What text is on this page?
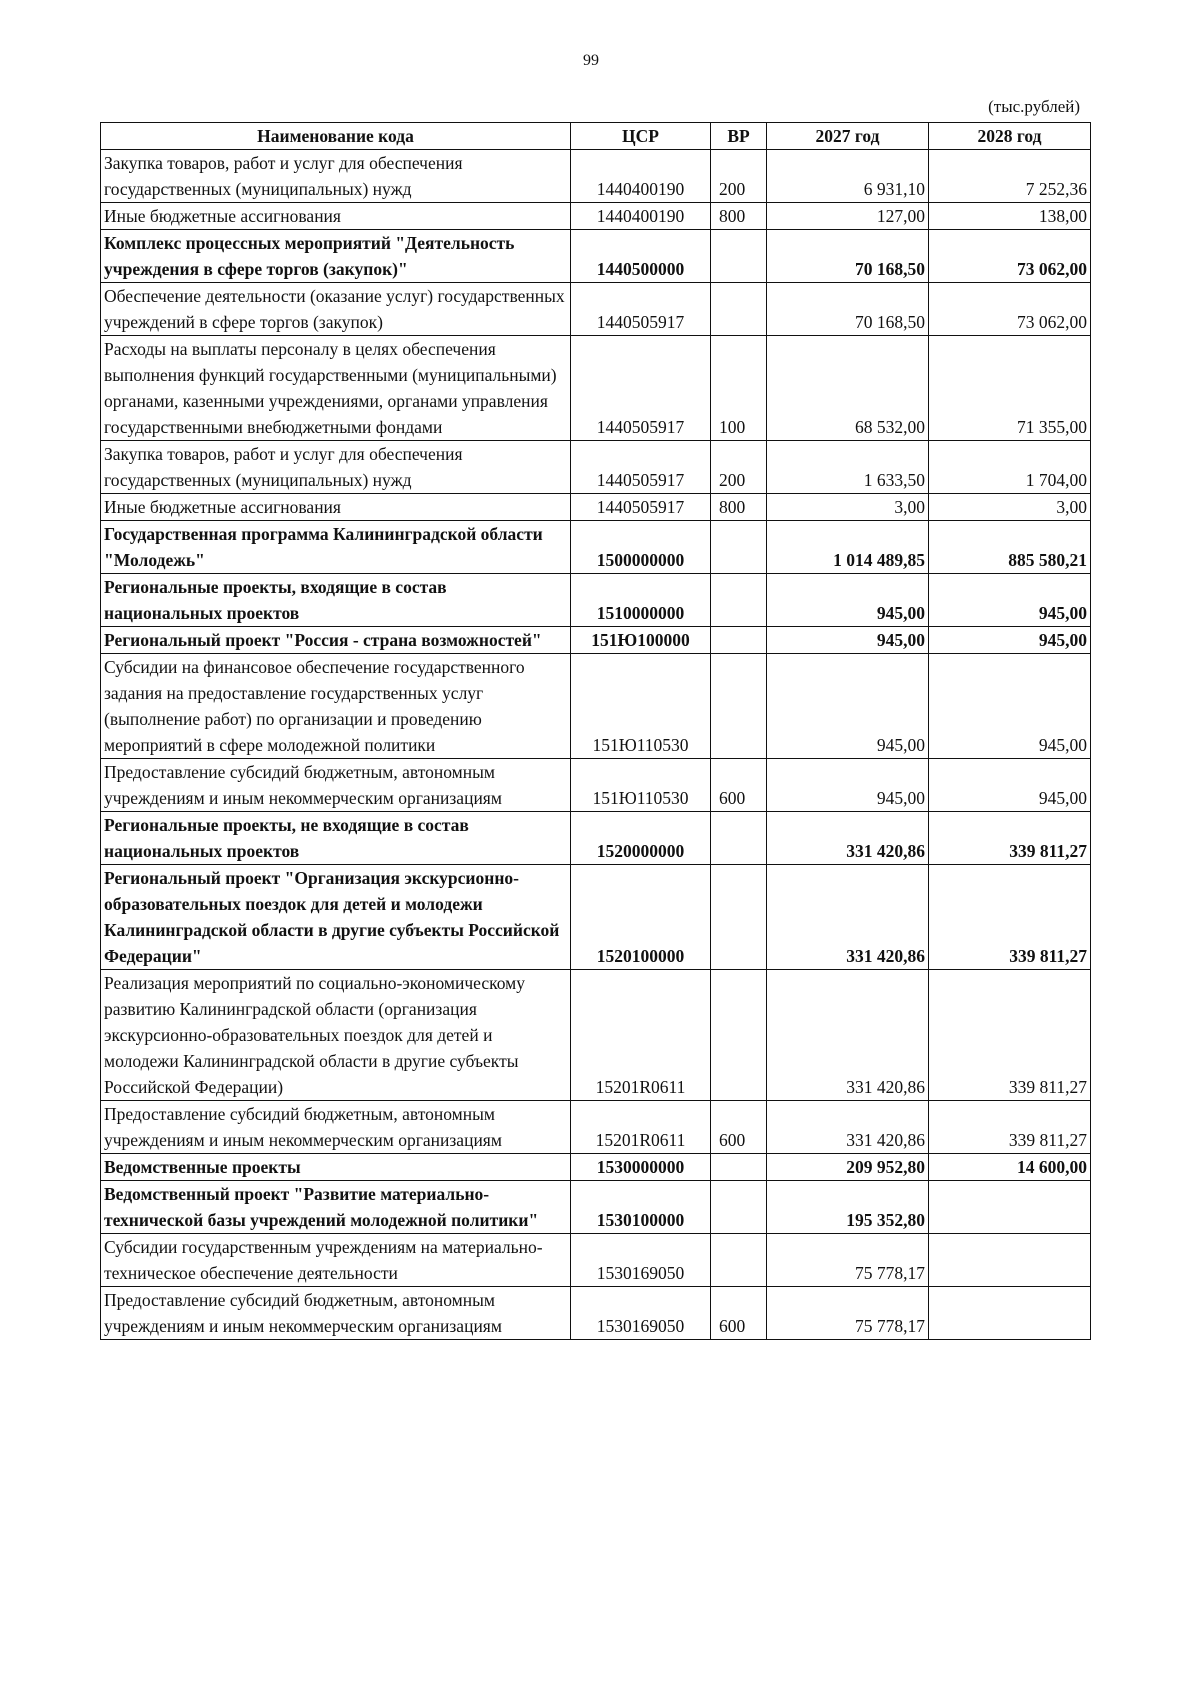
99
(тыс.рублей)
Наименование кода	ЦСР	ВР	2027 год	2028 год
Закупка товаров, работ и услуг для обеспечения государственных (муниципальных) нужд	1440400190	200	6 931,10	7 252,36
Иные бюджетные ассигнования	1440400190	800	127,00	138,00
Комплекс процессных мероприятий "Деятельность учреждения в сфере торгов (закупок)"	1440500000		70 168,50	73 062,00
Обеспечение деятельности (оказание услуг) государственных учреждений в сфере торгов (закупок)	1440505917		70 168,50	73 062,00
Расходы на выплаты персоналу в целях обеспечения выполнения функций государственными (муниципальными) органами, казенными учреждениями, органами управления государственными внебюджетными фондами	1440505917	100	68 532,00	71 355,00
Закупка товаров, работ и услуг для обеспечения государственных (муниципальных) нужд	1440505917	200	1 633,50	1 704,00
Иные бюджетные ассигнования	1440505917	800	3,00	3,00
Государственная программа Калининградской области "Молодежь"	1500000000		1 014 489,85	885 580,21
Региональные проекты, входящие в состав национальных проектов	1510000000		945,00	945,00
Региональный проект "Россия - страна возможностей"	151Ю100000		945,00	945,00
Субсидии на финансовое обеспечение государственного задания на предоставление государственных услуг (выполнение работ) по организации и проведению мероприятий в сфере молодежной политики	151Ю110530		945,00	945,00
Предоставление субсидий бюджетным, автономным учреждениям и иным некоммерческим организациям	151Ю110530	600	945,00	945,00
Региональные проекты, не входящие в состав национальных проектов	1520000000		331 420,86	339 811,27
Региональный проект "Организация экскурсионно-образовательных поездок для детей и молодежи Калининградской области в другие субъекты Российской Федерации"	1520100000		331 420,86	339 811,27
Реализация мероприятий по социально-экономическому развитию Калининградской области (организация экскурсионно-образовательных поездок для детей и молодежи Калининградской области в другие субъекты Российской Федерации)	15201R0611		331 420,86	339 811,27
Предоставление субсидий бюджетным, автономным учреждениям и иным некоммерческим организациям	15201R0611	600	331 420,86	339 811,27
Ведомственные проекты	1530000000		209 952,80	14 600,00
Ведомственный проект "Развитие материально-технической базы учреждений молодежной политики"	1530100000		195 352,80	
Субсидии государственным учреждениям на материально-техническое обеспечение деятельности	1530169050		75 778,17	
Предоставление субсидий бюджетным, автономным учреждениям и иным некоммерческим организациям	1530169050	600	75 778,17	
